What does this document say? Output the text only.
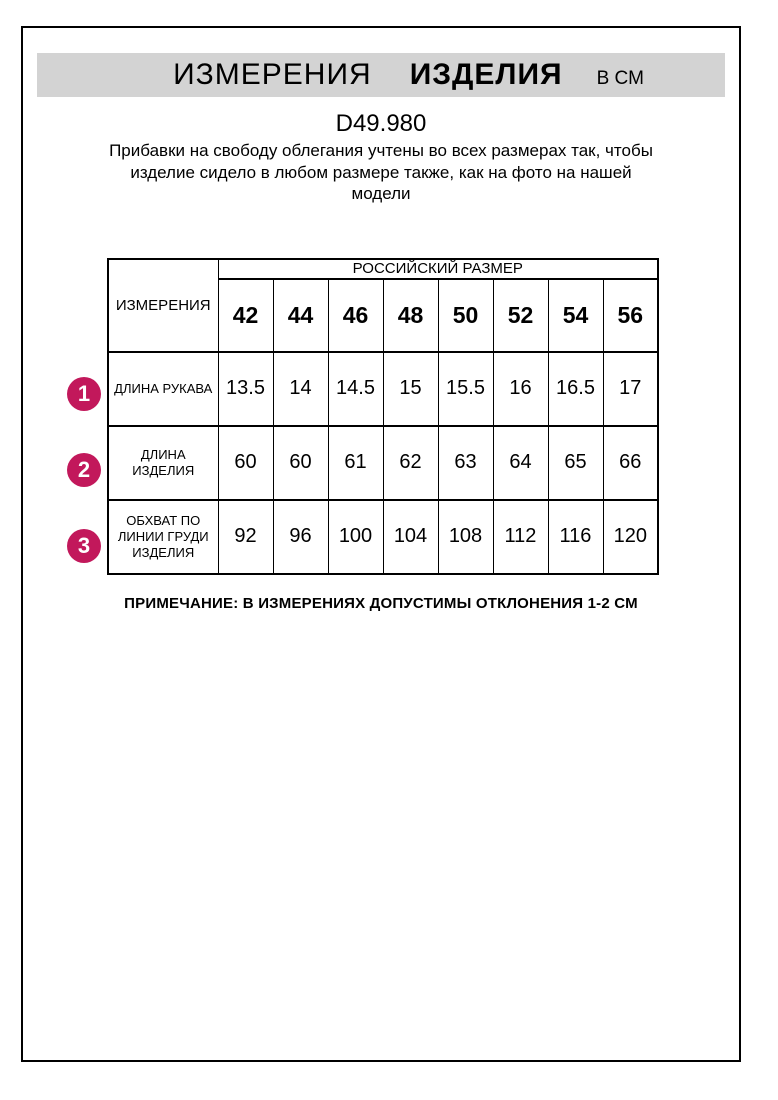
ИЗМЕРЕНИЯ ИЗДЕЛИЯ В СМ
D49.980
Прибавки на свободу облегания учтены во всех размерах так, чтобы
изделие сидело в любом размере также, как на фото на нашей
модели
1
2
3
ИЗМЕРЕНИЯ	РОССИЙСКИЙ РАЗМЕР							
	42	44	46	48	50	52	54	56
ДЛИНА РУКАВА	13.5	14	14.5	15	15.5	16	16.5	17
ДЛИНА ИЗДЕЛИЯ	60	60	61	62	63	64	65	66
ОБХВАТ ПО ЛИНИИ ГРУДИ ИЗДЕЛИЯ	92	96	100	104	108	112	116	120
ПРИМЕЧАНИЕ: В ИЗМЕРЕНИЯХ ДОПУСТИМЫ ОТКЛОНЕНИЯ 1-2 СМ
